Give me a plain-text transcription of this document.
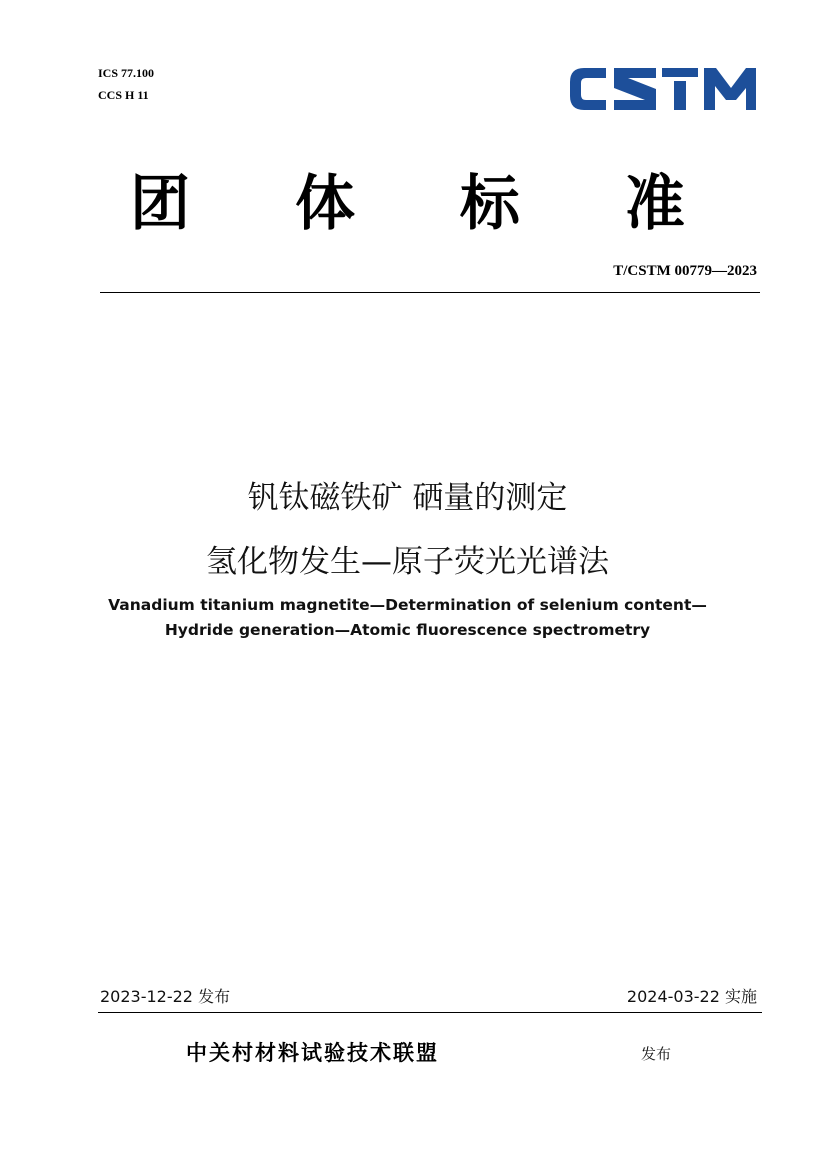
ICS 77.100
CCS H 11
团 体 标 准
T/CSTM 00779—2023
钒钛磁铁矿 硒量的测定
氢化物发生—原子荧光光谱法
Vanadium titanium magnetite—Determination of selenium content—
Hydride generation—Atomic fluorescence spectrometry
2023-12-22 发布	2024-03-22 实施
中关村材料试验技术联盟	发布
